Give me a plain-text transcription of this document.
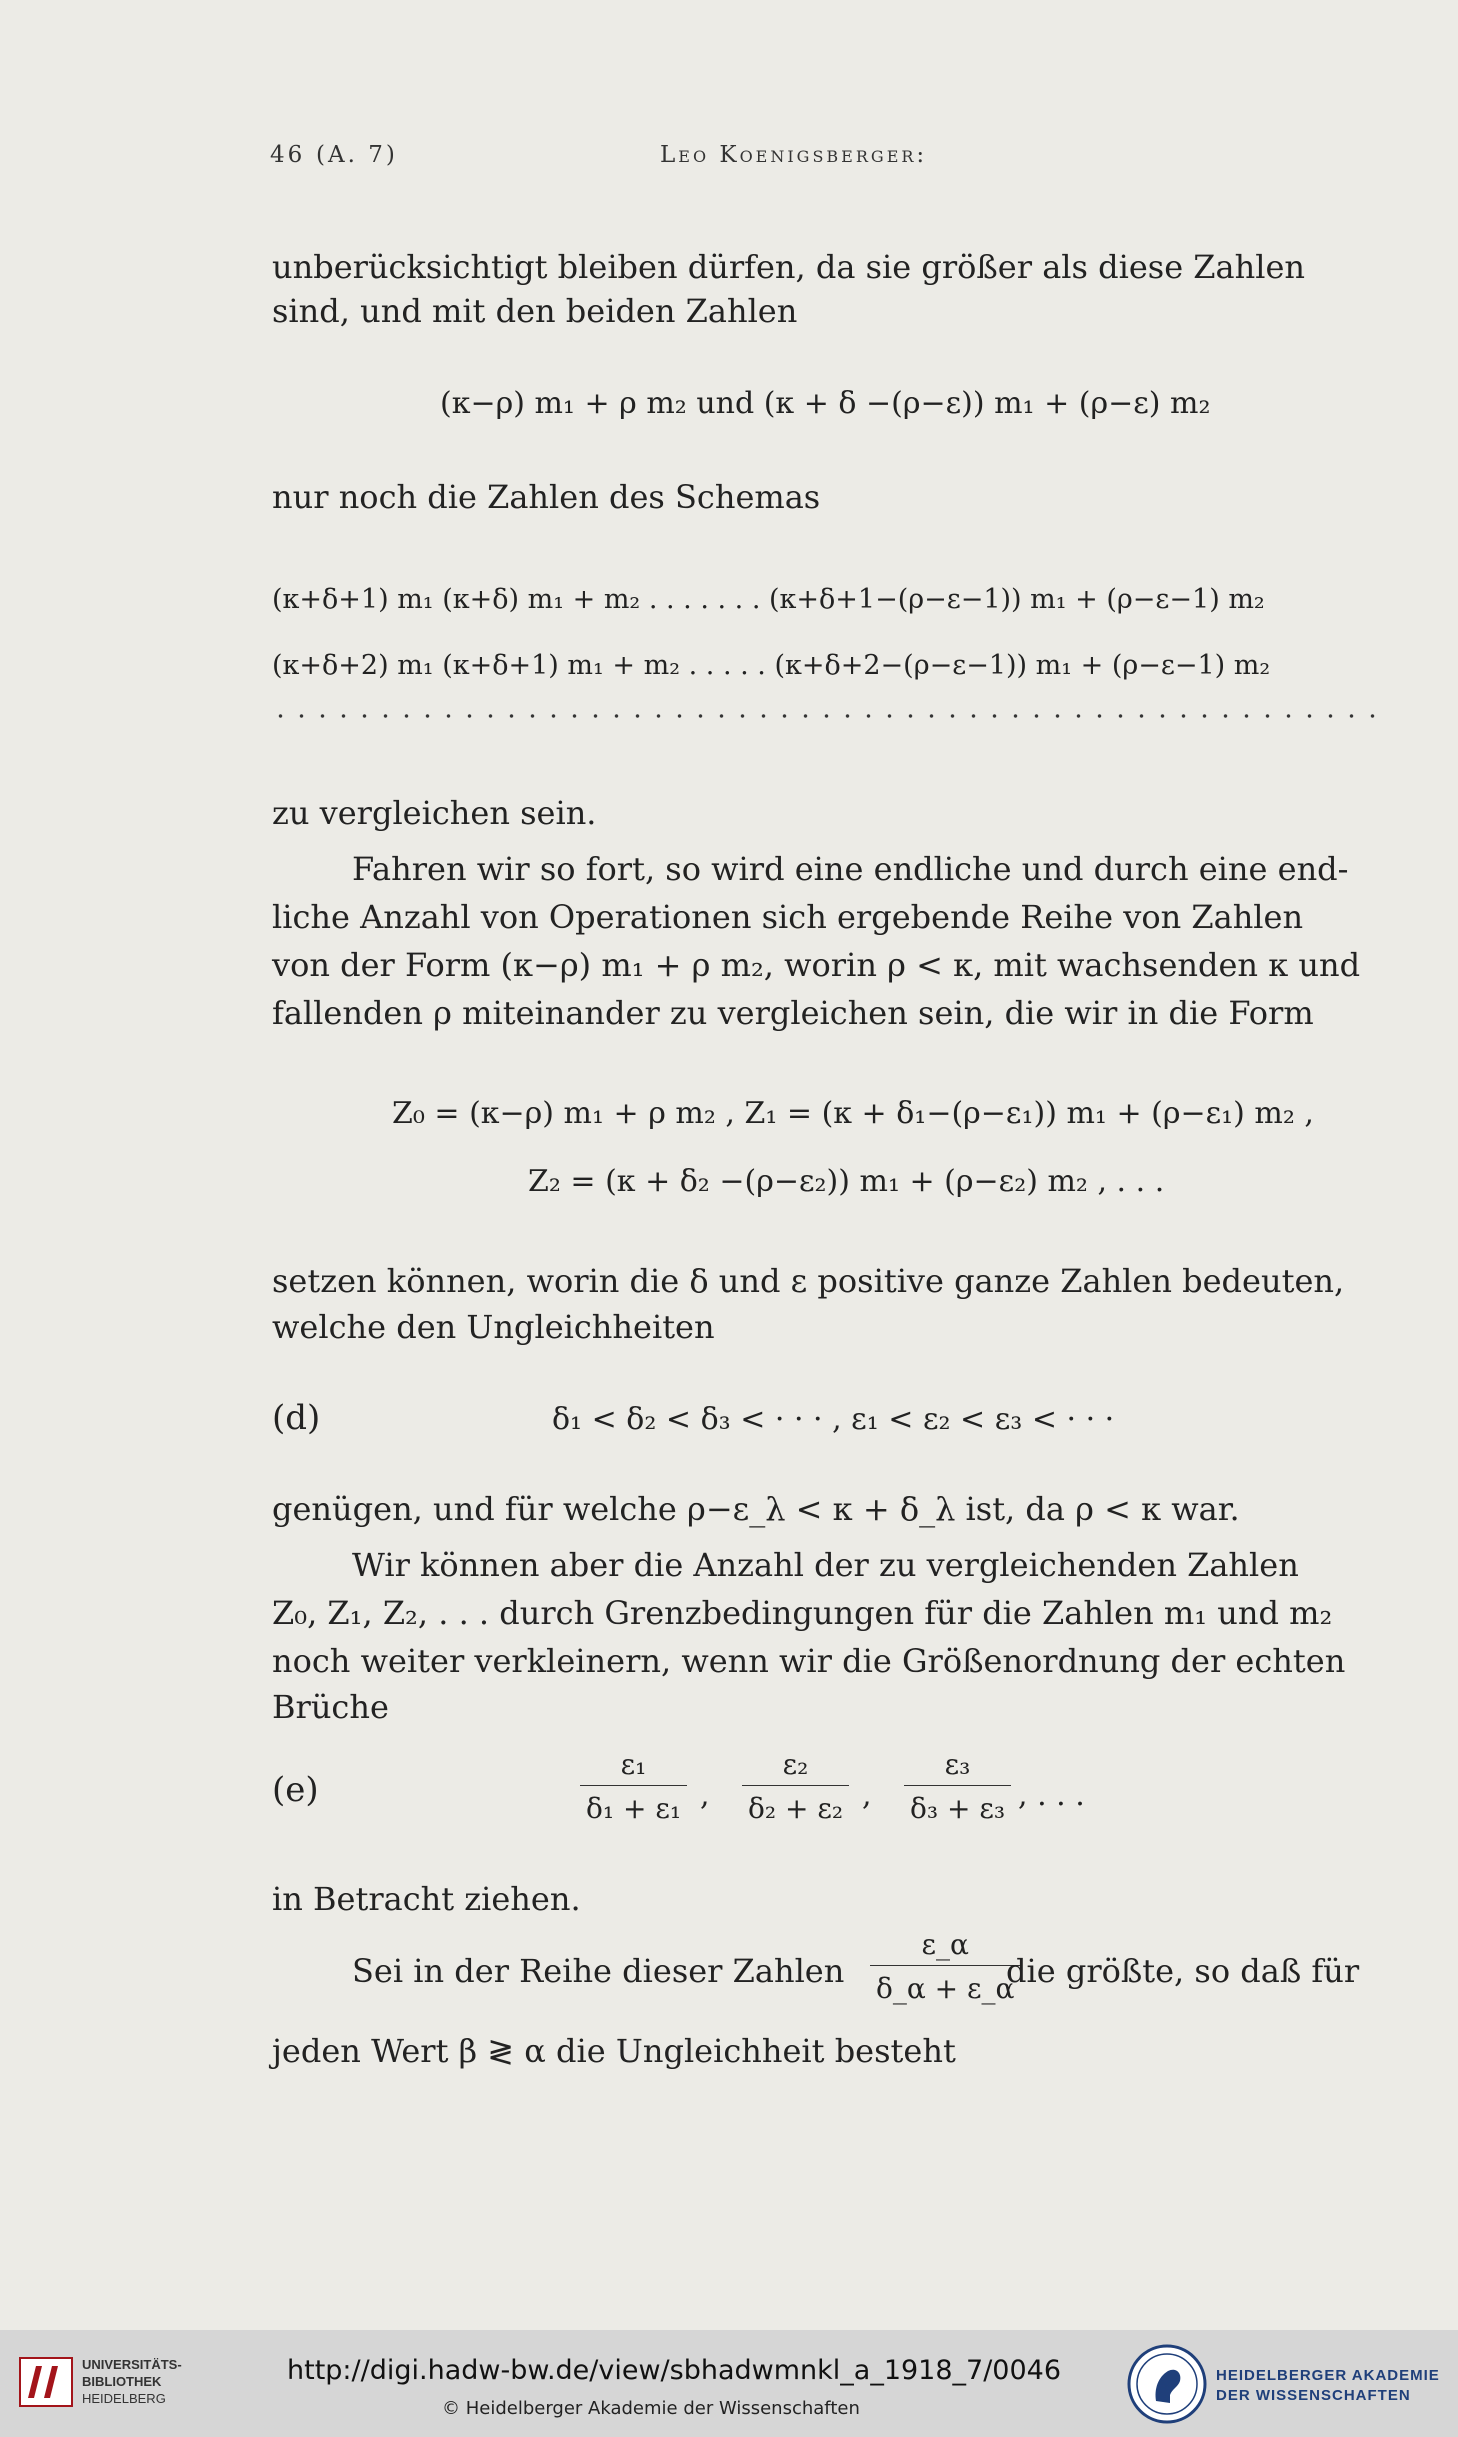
46 (A. 7)	Leo Koenigsberger:
unberücksichtigt bleiben dürfen, da sie größer als diese Zahlen
sind, und mit den beiden Zahlen
(κ−ρ) m₁ + ρ m₂ und (κ + δ −(ρ−ε)) m₁ + (ρ−ε) m₂
nur noch die Zahlen des Schemas
(κ+δ+1) m₁ (κ+δ) m₁ + m₂ . . . . . . . (κ+δ+1−(ρ−ε−1)) m₁ + (ρ−ε−1) m₂
(κ+δ+2) m₁ (κ+δ+1) m₁ + m₂ . . . . . (κ+δ+2−(ρ−ε−1)) m₁ + (ρ−ε−1) m₂
zu vergleichen sein.
Fahren wir so fort, so wird eine endliche und durch eine end-
liche Anzahl von Operationen sich ergebende Reihe von Zahlen
von der Form (κ−ρ) m₁ + ρ m₂, worin ρ < κ, mit wachsenden κ und
fallenden ρ miteinander zu vergleichen sein, die wir in die Form
Z₀ = (κ−ρ) m₁ + ρ m₂ , Z₁ = (κ + δ₁−(ρ−ε₁)) m₁ + (ρ−ε₁) m₂ ,
Z₂ = (κ + δ₂ −(ρ−ε₂)) m₁ + (ρ−ε₂) m₂ , . . .
setzen können, worin die δ und ε positive ganze Zahlen bedeuten,
welche den Ungleichheiten
(d)	δ₁ < δ₂ < δ₃ < · · · , ε₁ < ε₂ < ε₃ < · · ·
genügen, und für welche ρ−ε_λ < κ + δ_λ ist, da ρ < κ war.
Wir können aber die Anzahl der zu vergleichenden Zahlen
Z₀, Z₁, Z₂, . . . durch Grenzbedingungen für die Zahlen m₁ und m₂
noch weiter verkleinern, wenn wir die Größenordnung der echten
Brüche
(e)	$\frac{\text{ε₁}}{\text{δ₁ + ε₁}}$ , $\frac{\text{ε₂}}{\text{δ₂ + ε₂}}$ , $\frac{\text{ε₃}}{\text{δ₃ + ε₃}}$ , . . .
in Betracht ziehen.
Sei in der Reihe dieser Zahlen $\frac{\varepsilon\_\alpha}{\delta\_\alpha + \varepsilon\_\alpha}$
die größte, so daß für
jeden Wert β ≷ α die Ungleichheit besteht
UNIVERSITÄTS-
BIBLIOTHEK
HEIDELBERG
http://digi.hadw-bw.de/view/sbhadwmnkl_a_1918_7/0046
© Heidelberger Akademie der Wissenschaften
HEIDELBERGER AKADEMIE
DER WISSENSCHAFTEN
